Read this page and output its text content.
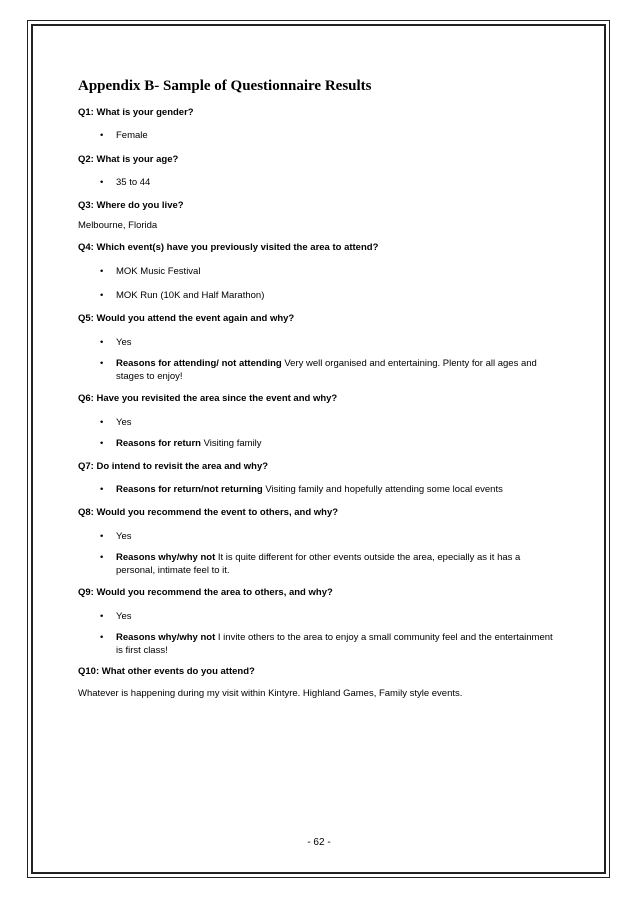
Appendix B- Sample of Questionnaire Results
Q1: What is your gender?
• Female
Q2: What is your age?
• 35 to 44
Q3: Where do you live?
Melbourne, Florida
Q4: Which event(s) have you previously visited the area to attend?
• MOK Music Festival
• MOK Run (10K and Half Marathon)
Q5: Would you attend the event again and why?
• Yes
• Reasons for attending/ not attending Very well organised and entertaining. Plenty for all ages and stages to enjoy!
Q6: Have you revisited the area since the event and why?
• Yes
• Reasons for return Visiting family
Q7: Do intend to revisit the area and why?
• Reasons for return/not returning Visiting family and hopefully attending some local events
Q8: Would you recommend the event to others, and why?
• Yes
• Reasons why/why not It is quite different for other events outside the area, epecially as it has a personal, intimate feel to it.
Q9: Would you recommend the area to others, and why?
• Yes
• Reasons why/why not I invite others to the area to enjoy a small community feel and the entertainment is first class!
Q10: What other events do you attend?
Whatever is happening during my visit within Kintyre. Highland Games, Family style events.
- 62 -
